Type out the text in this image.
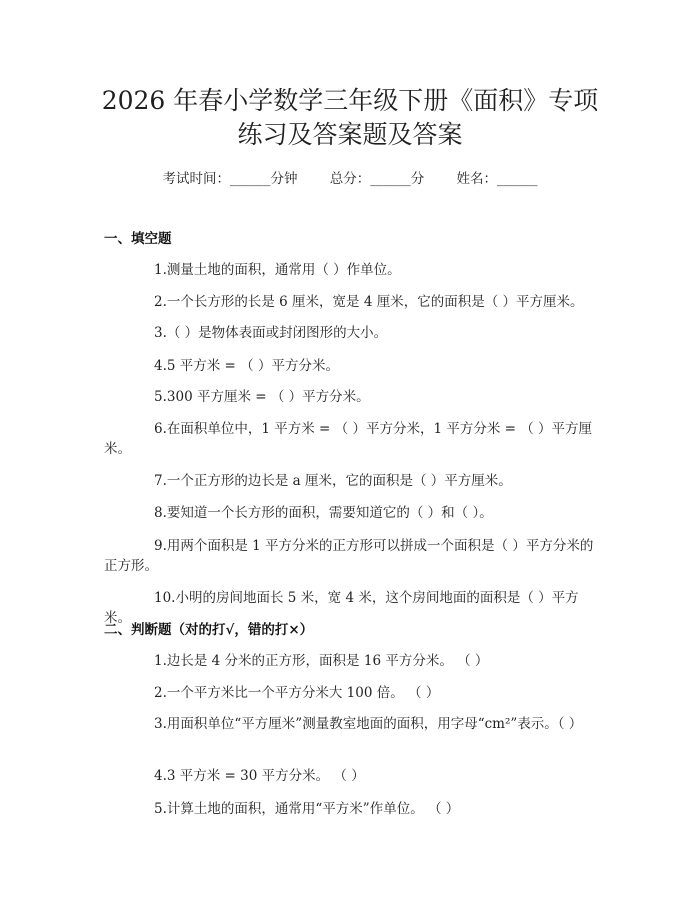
2026 年春小学数学三年级下册《面积》专项
练习及答案题及答案
考试时间：______分钟 总分：______分 姓名：______
一、填空题

1.测量土地的面积，通常用（ ）作单位。

2.一个长方形的长是 6 厘米，宽是 4 厘米，它的面积是（ ）平方厘米。

3.（ ）是物体表面或封闭图形的大小。

4.5 平方米 = （ ）平方分米。

5.300 平方厘米 = （ ）平方分米。

6.在面积单位中，1 平方米 = （ ）平方分米，1 平方分米 = （ ）平方厘米。

7.一个正方形的边长是 a 厘米，它的面积是（ ）平方厘米。

8.要知道一个长方形的面积，需要知道它的（ ）和（ ）。

9.用两个面积是 1 平方分米的正方形可以拼成一个面积是（ ）平方分米的正方形。

10.小明的房间地面长 5 米，宽 4 米，这个房间地面的面积是（ ）平方米。

二、判断题（对的打√，错的打×）

1.边长是 4 分米的正方形，面积是 16 平方分米。 （ ）

2.一个平方米比一个平方分米大 100 倍。 （ ）

3.用面积单位“平方厘米”测量教室地面的面积，用字母“cm²”表示。（ ）

4.3 平方米 = 30 平方分米。 （ ）

5.计算土地的面积，通常用“平方米”作单位。 （ ）
